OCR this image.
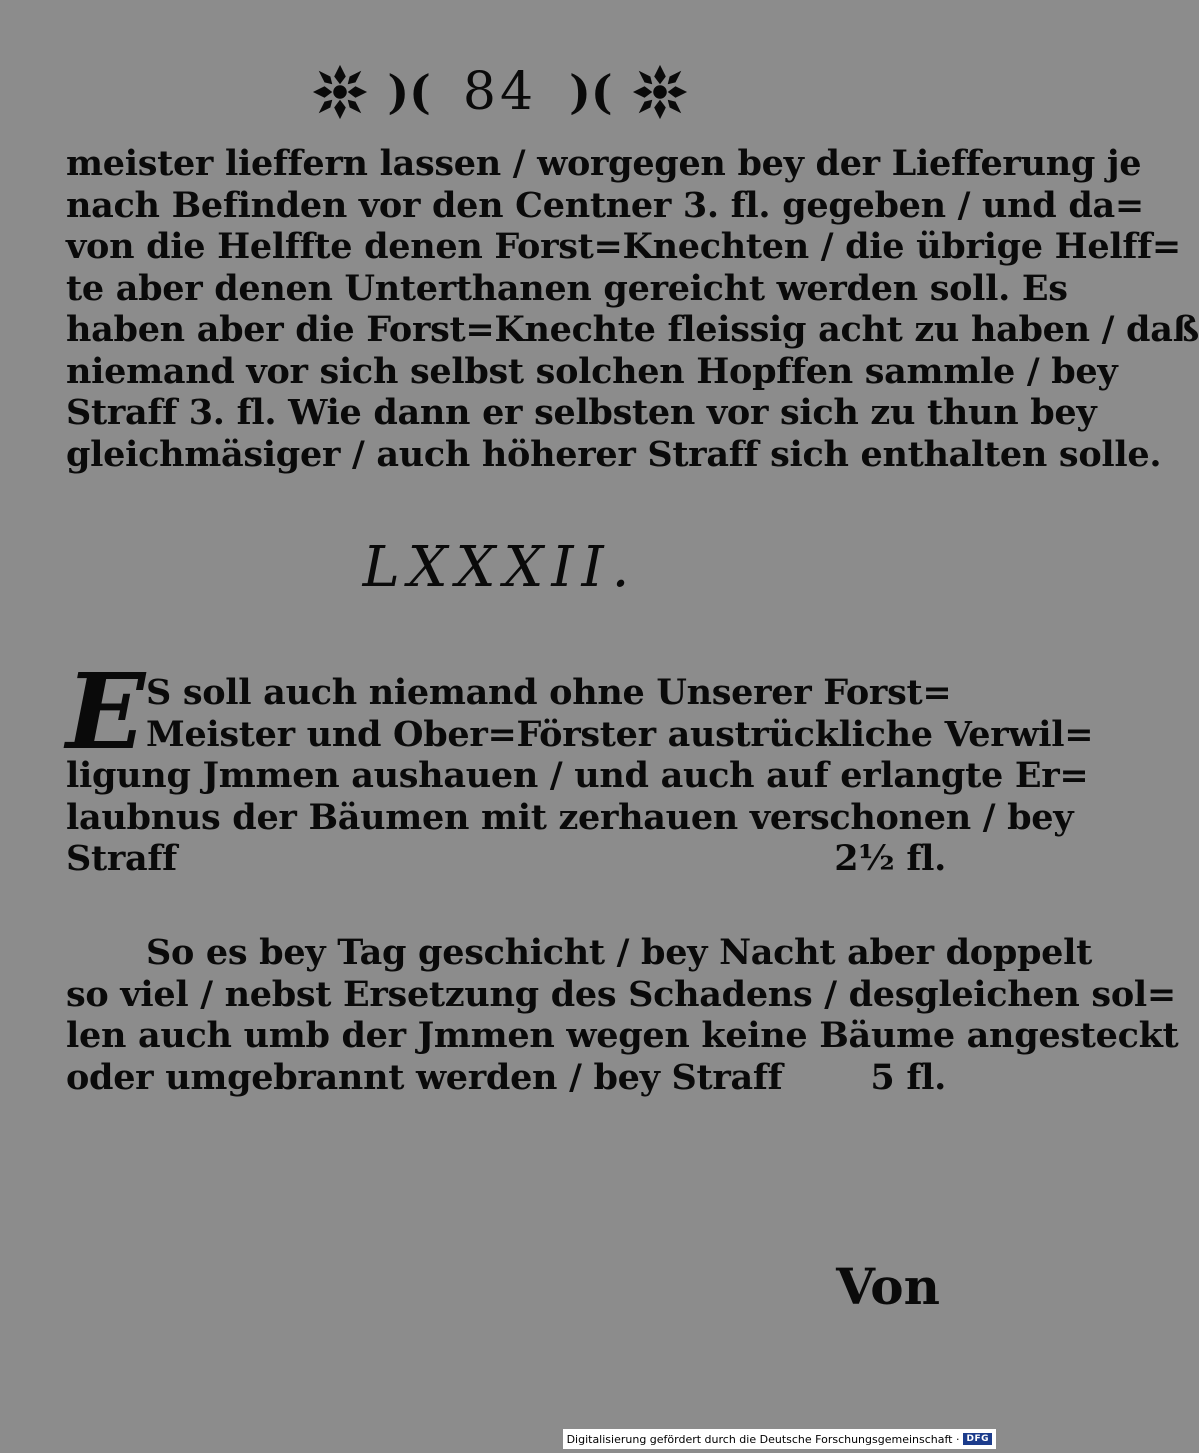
)( 84 )(
meister lieffern lassen / worgegen bey der Liefferung je
nach Befinden vor den Centner 3. fl. gegeben / und da=
von die Helffte denen Forst=Knechten / die übrige Helff=
te aber denen Unterthanen gereicht werden soll. Es
haben aber die Forst=Knechte fleissig acht zu haben / daß
niemand vor sich selbst solchen Hopffen sammle / bey
Straff 3. fl. Wie dann er selbsten vor sich zu thun bey
gleichmäsiger / auch höherer Straff sich enthalten solle.
LXXXII.
E S soll auch niemand ohne Unserer Forst=
Meister und Ober=Förster austrückliche Verwil=
ligung Jmmen aushauen / und auch auf erlangte Er=
laubnus der Bäumen mit zerhauen verschonen / bey
Straff	2½ fl.
So es bey Tag geschicht / bey Nacht aber doppelt
so viel / nebst Ersetzung des Schadens / desgleichen sol=
len auch umb der Jmmen wegen keine Bäume angesteckt
oder umgebrannt werden / bey Straff	5 fl.
Von
Digitalisierung gefördert durch die Deutsche Forschungsgemeinschaft · DFG
